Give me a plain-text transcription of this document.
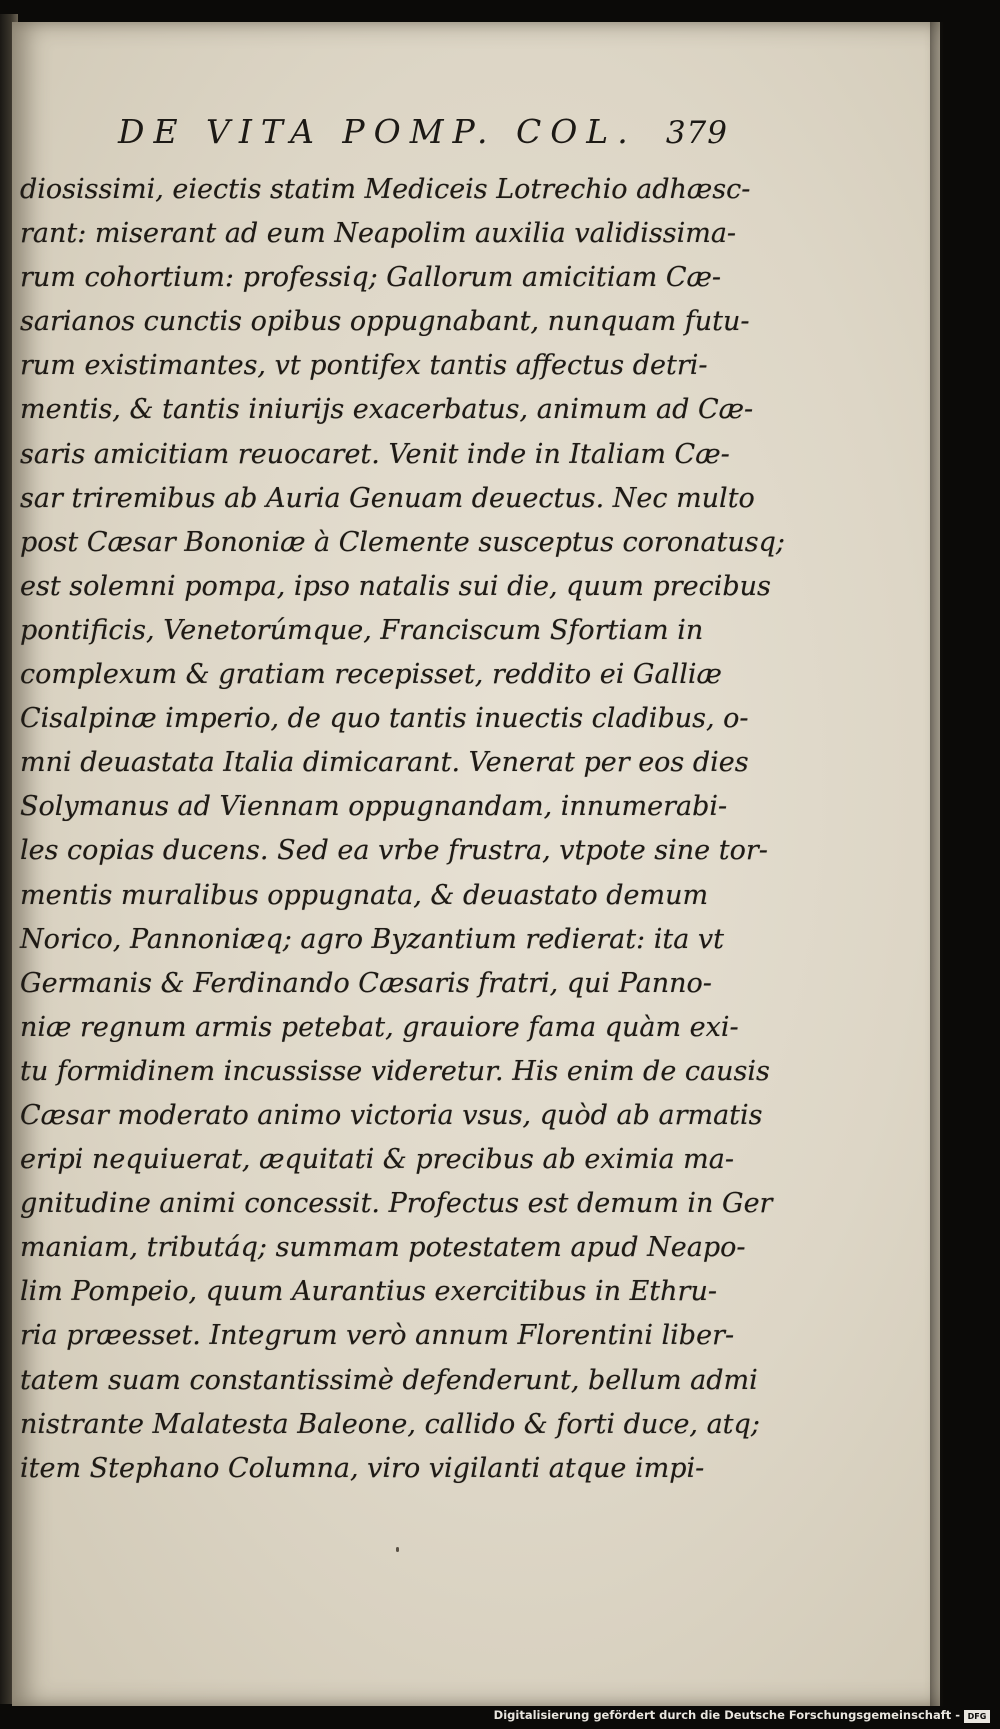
DE VITA POMP. COL. 379
diosissimi, eiectis statim Mediceis Lotrechio adhæsc-
rant: miserant ad eum Neapolim auxilia validissima-
rum cohortium: professiq; Gallorum amicitiam Cæ-
sarianos cunctis opibus oppugnabant, nunquam futu-
rum existimantes, vt pontifex tantis affectus detri-
mentis, & tantis iniurijs exacerbatus, animum ad Cæ-
saris amicitiam reuocaret. Venit inde in Italiam Cæ-
sar triremibus ab Auria Genuam deuectus. Nec multo
post Cæsar Bononiæ à Clemente susceptus coronatusq;
est solemni pompa, ipso natalis sui die, quum precibus
pontificis, Venetorúmque, Franciscum Sfortiam in
complexum & gratiam recepisset, reddito ei Galliæ
Cisalpinæ imperio, de quo tantis inuectis cladibus, o-
mni deuastata Italia dimicarant. Venerat per eos dies
Solymanus ad Viennam oppugnandam, innumerabi-
les copias ducens. Sed ea vrbe frustra, vtpote sine tor-
mentis muralibus oppugnata, & deuastato demum
Norico, Pannoniæq; agro Byzantium redierat: ita vt
Germanis & Ferdinando Cæsaris fratri, qui Panno-
niæ regnum armis petebat, grauiore fama quàm exi-
tu formidinem incussisse videretur. His enim de causis
Cæsar moderato animo victoria vsus, quòd ab armatis
eripi nequiuerat, æquitati & precibus ab eximia ma-
gnitudine animi concessit. Profectus est demum in Ger
maniam, tributáq; summam potestatem apud Neapo-
lim Pompeio, quum Aurantius exercitibus in Ethru-
ria præesset. Integrum verò annum Florentini liber-
tatem suam constantissimè defenderunt, bellum admi
nistrante Malatesta Baleone, callido & forti duce, atq;
item Stephano Columna, viro vigilanti atque impi-
Digitalisierung gefördert durch die Deutsche Forschungsgemeinschaft - DFG
